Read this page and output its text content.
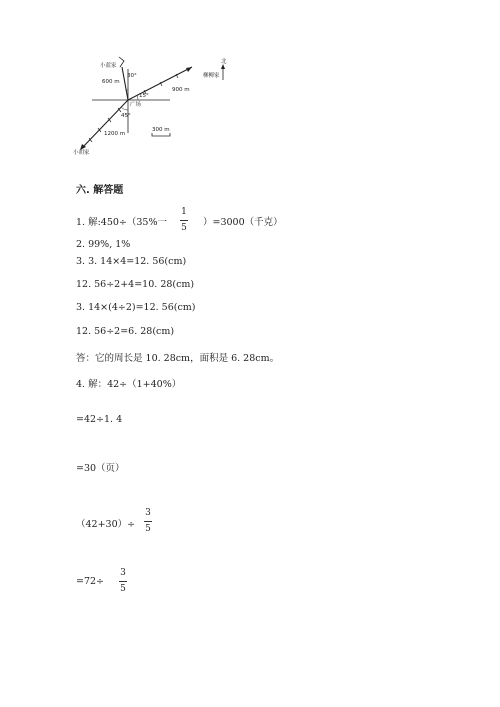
小蓝家
柳柳家
小胡家
北
广场
600 m
900 m
1200 m
300 m
30°
15°
45°
六. 解答题
1. 解:450÷（35%一
1
5 ）=3000（千克）
2. 99%, 1%
3. 3. 14×4=12. 56(cm)
12. 56÷2+4=10. 28(cm)
3. 14×(4÷2)=12. 56(cm)
12. 56÷2=6. 28(cm)
答：它的周长是 10. 28cm，面积是 6. 28cm。
4. 解：42÷（1+40%）
=42÷1. 4
=30（页）
（42+30）÷
3
5
=72÷
3
5
